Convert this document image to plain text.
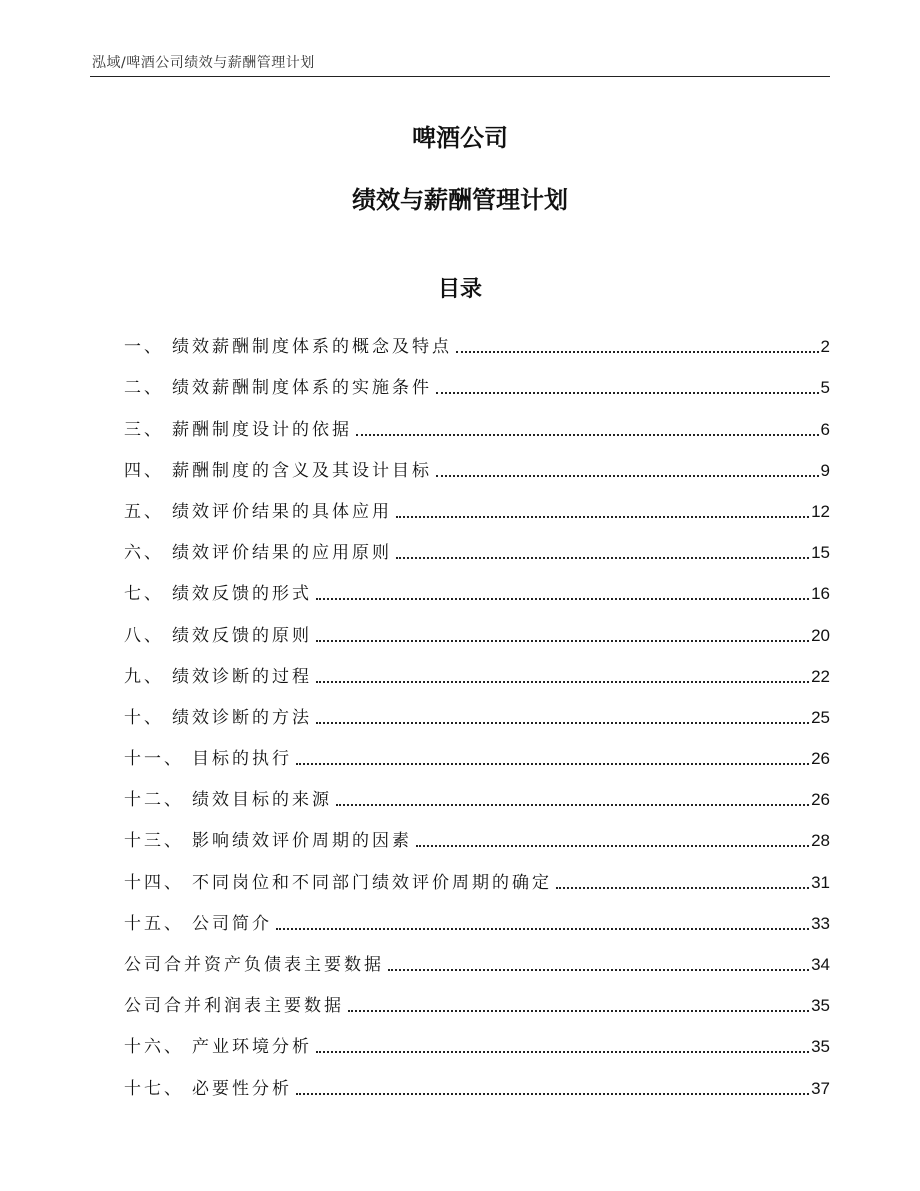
泓域/啤酒公司绩效与薪酬管理计划
啤酒公司
绩效与薪酬管理计划
目录
一、 绩效薪酬制度体系的概念及特点	2
二、 绩效薪酬制度体系的实施条件	5
三、 薪酬制度设计的依据	6
四、 薪酬制度的含义及其设计目标	9
五、 绩效评价结果的具体应用	12
六、 绩效评价结果的应用原则	15
七、 绩效反馈的形式	16
八、 绩效反馈的原则	20
九、 绩效诊断的过程	22
十、 绩效诊断的方法	25
十一、 目标的执行	26
十二、 绩效目标的来源	26
十三、 影响绩效评价周期的因素	28
十四、 不同岗位和不同部门绩效评价周期的确定	31
十五、 公司简介	33
公司合并资产负债表主要数据	34
公司合并利润表主要数据	35
十六、 产业环境分析	35
十七、 必要性分析	37
